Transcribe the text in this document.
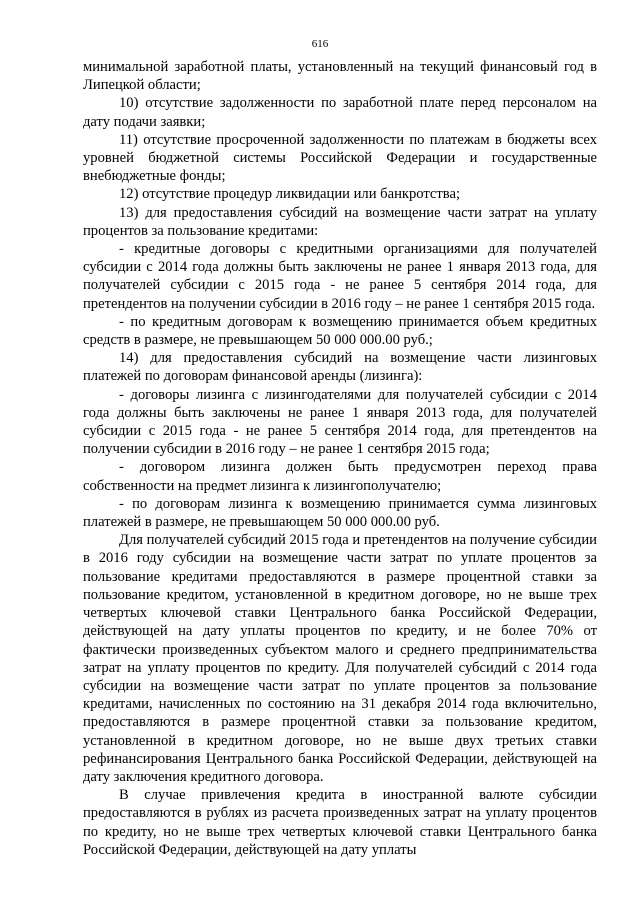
616

минимальной заработной платы, установленный на текущий финансовый год в Липецкой области;

10) отсутствие задолженности по заработной плате перед персоналом на дату подачи заявки;

11) отсутствие просроченной задолженности по платежам в бюджеты всех уровней бюджетной системы Российской Федерации и государственные внебюджетные фонды;

12) отсутствие процедур ликвидации или банкротства;

13) для предоставления субсидий на возмещение части затрат на уплату процентов за пользование кредитами:

- кредитные договоры с кредитными организациями для получателей субсидии с 2014 года должны быть заключены не ранее 1 января 2013 года, для получателей субсидии с 2015 года - не ранее 5 сентября 2014 года, для претендентов на получении субсидии в 2016 году – не ранее 1 сентября 2015 года.

- по кредитным договорам к возмещению принимается объем кредитных средств в размере, не превышающем 50 000 000.00 руб.;

14) для предоставления субсидий на возмещение части лизинговых платежей по договорам финансовой аренды (лизинга):

- договоры лизинга с лизингодателями для получателей субсидии с 2014 года должны быть заключены не ранее 1 января 2013 года, для получателей субсидии с 2015 года - не ранее 5 сентября 2014 года, для претендентов на получении субсидии в 2016 году – не ранее 1 сентября 2015 года;

- договором лизинга должен быть предусмотрен переход права собственности на предмет лизинга к лизингополучателю;

- по договорам лизинга к возмещению принимается сумма лизинговых платежей в размере, не превышающем 50 000 000.00 руб.

Для получателей субсидий 2015 года и претендентов на получение субсидии в 2016 году субсидии на возмещение части затрат по уплате процентов за пользование кредитами предоставляются в размере процентной ставки за пользование кредитом, установленной в кредитном договоре, но не выше трех четвертых ключевой ставки Центрального банка Российской Федерации, действующей на дату уплаты процентов по кредиту, и не более 70% от фактически произведенных субъектом малого и среднего предпринимательства затрат на уплату процентов по кредиту. Для получателей субсидий с 2014 года субсидии на возмещение части затрат по уплате процентов за пользование кредитами, начисленных по состоянию на 31 декабря 2014 года включительно, предоставляются в размере процентной ставки за пользование кредитом, установленной в кредитном договоре, но не выше двух третьих ставки рефинансирования Центрального банка Российской Федерации, действующей на дату заключения кредитного договора.

В случае привлечения кредита в иностранной валюте субсидии предоставляются в рублях из расчета произведенных затрат на уплату процентов по кредиту, но не выше трех четвертых ключевой ставки Центрального банка Российской Федерации, действующей на дату уплаты
